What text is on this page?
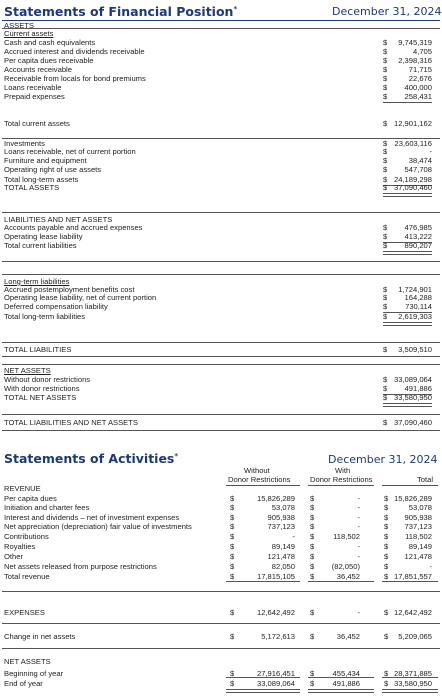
Statements of Financial Position*	December 31, 2024
ASSETS
Current assets
Cash and cash equivalents	$ 9,745,319
Accrued interest and dividends receivable	$	4,705
Per capita dues receivable	$ 2,398,316
Accounts receivable	$	71,715
Receivable from locals for bond premiums	$	22,676
Loans receivable	$ 400,000
Prepaid expenses	$ 258,431
Total current assets	$ 12,901,162
Investments	$ 23,603,116
Loans receivable, net of current portion	$	-
Furniture and equipment	$	38,474
Operating right of use assets	$ 547,708
Total long-term assets	$ 24,189,298
TOTAL ASSETS	$ 37,090,460
LIABILITIES AND NET ASSETS
Accounts payable and accrued expenses	$ 476,985
Operating lease liability	$ 413,222
Total current liabilities	$ 890,207
Long-term liabilities
Accrued postemployment benefits cost	$ 1,724,901
Operating lease liability, net of current portion	$ 164,288
Deferred compensation liability	$ 730,114
Total long-term liabilities	$ 2,619,303
TOTAL LIABILITIES	$ 3,509,510
NET ASSETS
Without donor restrictions	$ 33,089,064
With donor restrictions	$ 491,886
TOTAL NET ASSETS	$ 33,580,950
TOTAL LIABILITIES AND NET ASSETS	$ 37,090,460
Statements of Activities*	December 31, 2024
Without
Donor Restrictions
With
Donor Restrictions	Total
REVENUE
Per capita dues	$	15,826,289 $	-	$ 15,826,289
Initiation and charter fees	$	53,078 $	-	$	53,078
Interest and dividends – net of investment expenses	$	905,938 $	-	$ 905,938
Net appreciation (depreciation) fair value of investments	$	737,123 $	-	$ 737,123
Contributions	$	- $	118,502	$ 118,502
Royalties	$	89,149 $	-	$	89,149
Other	$	121,478 $	-	$ 121,478
Net assets released from purpose restrictions	$	82,050 $	(82,050)	$	-
Total revenue	$	17,815,105 $	36,452	$ 17,851,557
EXPENSES	$	12,642,492 $	-	$ 12,642,492
Change in net assets	$	5,172,613 $	36,452	$ 5,209,065
NET ASSETS
Beginning of year	$	27,916,451 $	455,434	$ 28,371,885
End of year	$	33,089,064 $	491,886	$ 33,580,950
